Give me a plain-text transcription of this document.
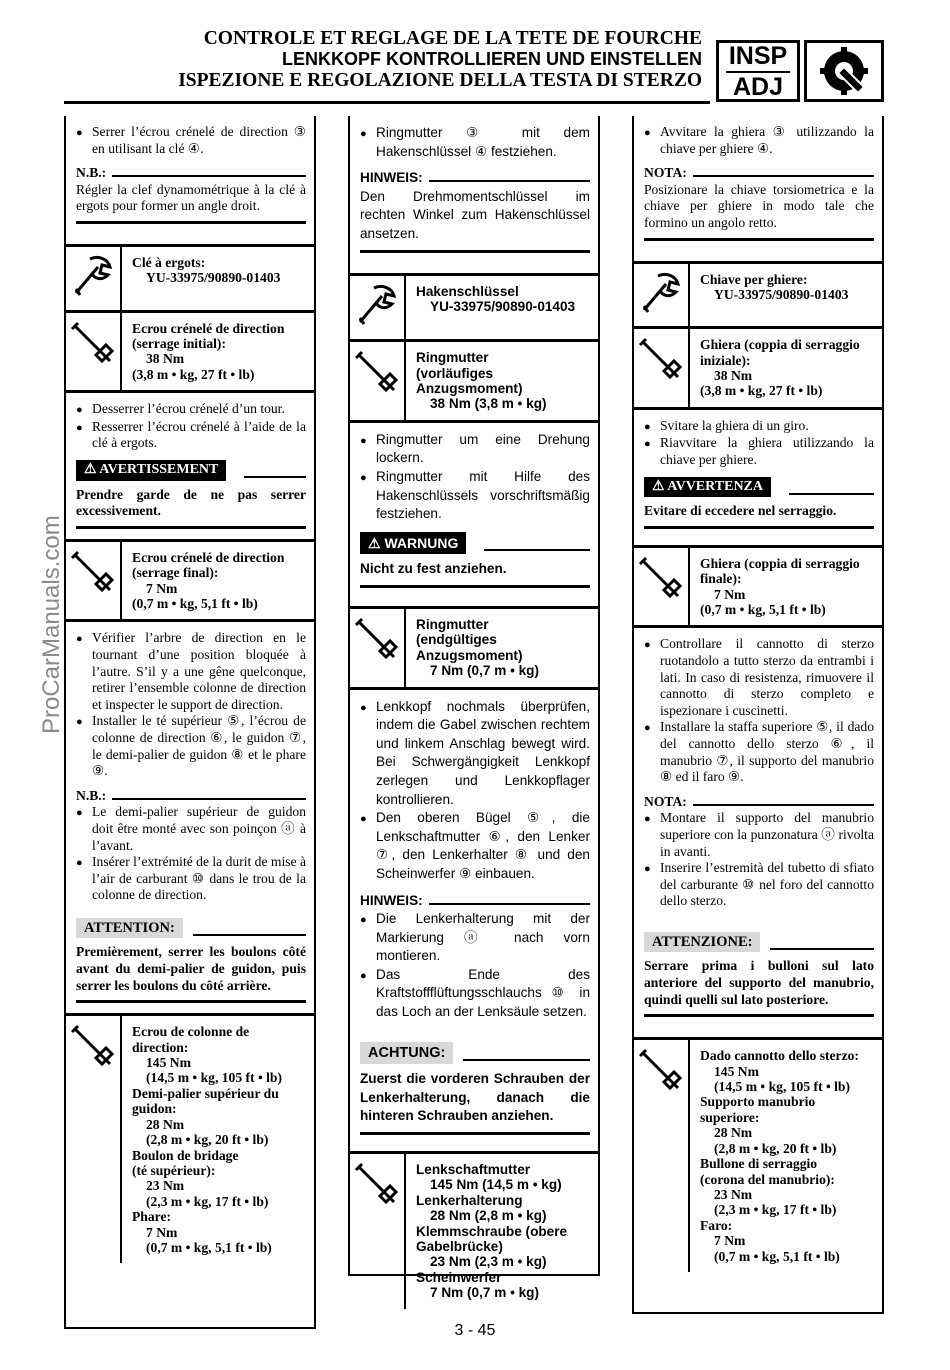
CONTROLE ET REGLAGE DE LA TETE DE FOURCHE
LENKKOPF KONTROLLIEREN UND EINSTELLEN
ISPEZIONE E REGOLAZIONE DELLA TESTA DI STERZO
INSP
ADJ
ProCarManuals.com
● Serrer l’écrou crénelé de direction ③ en utilisant la clé ④.
N.B.:
Régler la clef dynamométrique à la clé à ergots pour former un angle droit.
Clé à ergots:
YU-33975/90890-01403
Ecrou crénelé de direction
(serrage initial):
38 Nm
(3,8 m • kg, 27 ft • lb)
● Desserrer l’écrou crénelé d’un tour.
● Resserrer l’écrou crénelé à l’aide de la clé à ergots.
⚠ AVERTISSEMENT
Prendre garde de ne pas serrer excessivement.
Ecrou crénelé de direction
(serrage final):
7 Nm
(0,7 m • kg, 5,1 ft • lb)
● Vérifier l’arbre de direction en le tournant d’une position bloquée à l’autre. S’il y a une gêne quelconque, retirer l’ensemble colonne de direction et inspecter le support de direction.
● Installer le té supérieur ⑤, l’écrou de colonne de direction ⑥, le guidon ⑦, le demi-palier de guidon ⑧ et le phare ⑨.
N.B.:
● Le demi-palier supérieur de guidon doit être monté avec son poinçon ⓐ à l’avant.
● Insérer l’extrémité de la durit de mise à l’air de carburant ⑩ dans le trou de la colonne de direction.
ATTENTION:
Premièrement, serrer les boulons côté avant du demi-palier de guidon, puis serrer les boulons du côté arrière.
Ecrou de colonne de direction:
145 Nm
(14,5 m • kg, 105 ft • lb)
Demi-palier supérieur du guidon:
28 Nm
(2,8 m • kg, 20 ft • lb)
Boulon de bridage
(té supérieur):
23 Nm
(2,3 m • kg, 17 ft • lb)
Phare:
7 Nm
(0,7 m • kg, 5,1 ft • lb)
● Ringmutter ③ mit dem Hakenschlüssel ④ festziehen.
HINWEIS:
Den Drehmomentschlüssel im rechten Winkel zum Hakenschlüssel ansetzen.
Hakenschlüssel
YU-33975/90890-01403
Ringmutter
(vorläufiges Anzugsmoment)
38 Nm (3,8 m • kg)
● Ringmutter um eine Drehung lockern.
● Ringmutter mit Hilfe des Hakenschlüssels vorschriftsmäßig festziehen.
⚠ WARNUNG
Nicht zu fest anziehen.
Ringmutter
(endgültiges Anzugsmoment)
7 Nm (0,7 m • kg)
● Lenkkopf nochmals überprüfen, indem die Gabel zwischen rechtem und linkem Anschlag bewegt wird. Bei Schwergängigkeit Lenkkopf zerlegen und Lenkkopflager kontrollieren.
● Den oberen Bügel ⑤, die Lenkschaftmutter ⑥, den Lenker ⑦, den Lenkerhalter ⑧ und den Scheinwerfer ⑨ einbauen.
HINWEIS:
● Die Lenkerhalterung mit der Markierung ⓐ nach vorn montieren.
● Das Ende des Kraftstoffflüftungsschlauchs ⑩ in das Loch an der Lenksäule setzen.
ACHTUNG:
Zuerst die vorderen Schrauben der Lenkerhalterung, danach die hinteren Schrauben anziehen.
Lenkschaftmutter
145 Nm (14,5 m • kg)
Lenkerhalterung
28 Nm (2,8 m • kg)
Klemmschraube (obere Gabelbrücke)
23 Nm (2,3 m • kg)
Scheinwerfer
7 Nm (0,7 m • kg)
● Avvitare la ghiera ③ utilizzando la chiave per ghiere ④.
NOTA:
Posizionare la chiave torsiometrica e la chiave per ghiere in modo tale che formino un angolo retto.
Chiave per ghiere:
YU-33975/90890-01403
Ghiera (coppia di serraggio iniziale):
38 Nm
(3,8 m • kg, 27 ft • lb)
● Svitare la ghiera di un giro.
● Riavvitare la ghiera utilizzando la chiave per ghiere.
⚠ AVVERTENZA
Evitare di eccedere nel serraggio.
Ghiera (coppia di serraggio finale):
7 Nm
(0,7 m • kg, 5,1 ft • lb)
● Controllare il cannotto di sterzo ruotandolo a tutto sterzo da entrambi i lati. In caso di resistenza, rimuovere il cannotto di sterzo completo e ispezionare i cuscinetti.
● Installare la staffa superiore ⑤, il dado del cannotto dello sterzo ⑥, il manubrio ⑦, il supporto del manubrio ⑧ ed il faro ⑨.
NOTA:
● Montare il supporto del manubrio superiore con la punzonatura ⓐ rivolta in avanti.
● Inserire l’estremità del tubetto di sfiato del carburante ⑩ nel foro del cannotto dello sterzo.
ATTENZIONE:
Serrare prima i bulloni sul lato anteriore del supporto del manubrio, quindi quelli sul lato posteriore.
Dado cannotto dello sterzo:
145 Nm
(14,5 m • kg, 105 ft • lb)
Supporto manubrio superiore:
28 Nm
(2,8 m • kg, 20 ft • lb)
Bullone di serraggio
(corona del manubrio):
23 Nm
(2,3 m • kg, 17 ft • lb)
Faro:
7 Nm
(0,7 m • kg, 5,1 ft • lb)
3 - 45
